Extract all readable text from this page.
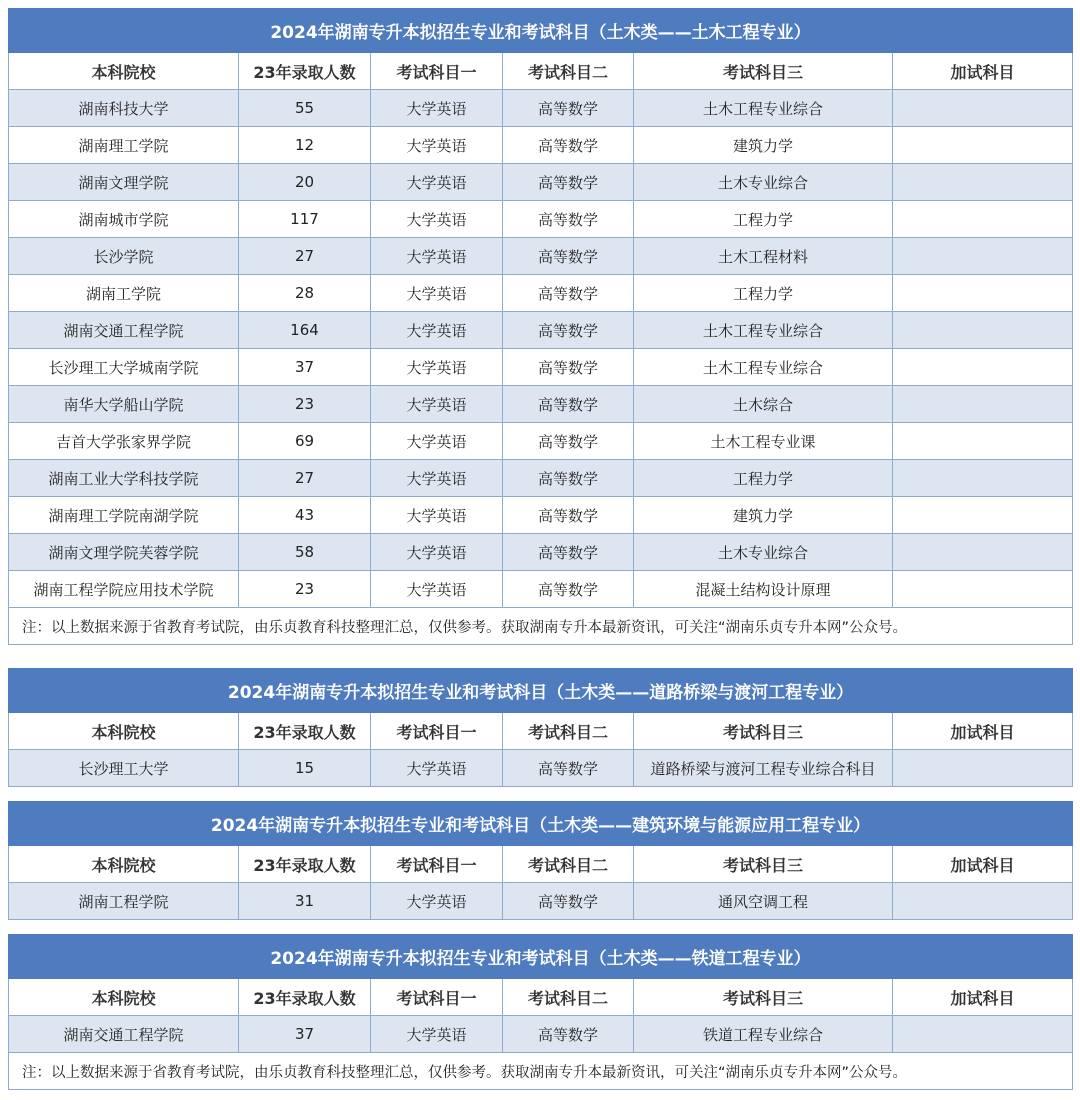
2024年湖南专升本拟招生专业和考试科目（土木类——土木工程专业）					
本科院校	23年录取人数	考试科目一	考试科目二	考试科目三	加试科目
湖南科技大学	55	大学英语	高等数学	土木工程专业综合	
湖南理工学院	12	大学英语	高等数学	建筑力学	
湖南文理学院	20	大学英语	高等数学	土木专业综合	
湖南城市学院	117	大学英语	高等数学	工程力学	
长沙学院	27	大学英语	高等数学	土木工程材料	
湖南工学院	28	大学英语	高等数学	工程力学	
湖南交通工程学院	164	大学英语	高等数学	土木工程专业综合	
长沙理工大学城南学院	37	大学英语	高等数学	土木工程专业综合	
南华大学船山学院	23	大学英语	高等数学	土木综合	
吉首大学张家界学院	69	大学英语	高等数学	土木工程专业课	
湖南工业大学科技学院	27	大学英语	高等数学	工程力学	
湖南理工学院南湖学院	43	大学英语	高等数学	建筑力学	
湖南文理学院芙蓉学院	58	大学英语	高等数学	土木专业综合	
湖南工程学院应用技术学院	23	大学英语	高等数学	混凝土结构设计原理	
注：以上数据来源于省教育考试院，由乐贞教育科技整理汇总，仅供参考。获取湖南专升本最新资讯，可关注“湖南乐贞专升本网”公众号。					
2024年湖南专升本拟招生专业和考试科目（土木类——道路桥梁与渡河工程专业）					
本科院校	23年录取人数	考试科目一	考试科目二	考试科目三	加试科目
长沙理工大学	15	大学英语	高等数学	道路桥梁与渡河工程专业综合科目	
2024年湖南专升本拟招生专业和考试科目（土木类——建筑环境与能源应用工程专业）					
本科院校	23年录取人数	考试科目一	考试科目二	考试科目三	加试科目
湖南工程学院	31	大学英语	高等数学	通风空调工程	
2024年湖南专升本拟招生专业和考试科目（土木类——铁道工程专业）					
本科院校	23年录取人数	考试科目一	考试科目二	考试科目三	加试科目
湖南交通工程学院	37	大学英语	高等数学	铁道工程专业综合	
注：以上数据来源于省教育考试院，由乐贞教育科技整理汇总，仅供参考。获取湖南专升本最新资讯，可关注“湖南乐贞专升本网”公众号。					
